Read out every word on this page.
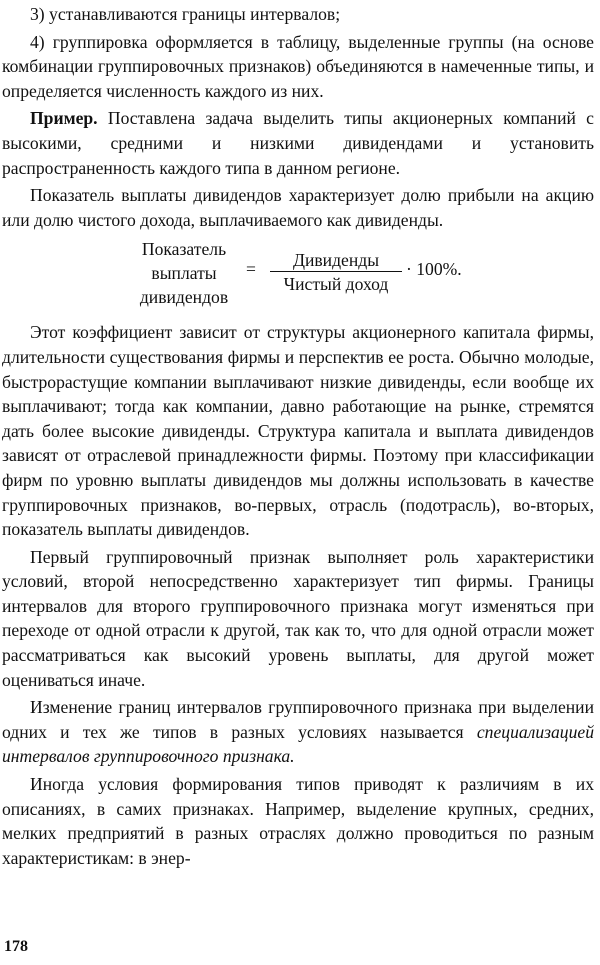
3) устанавливаются границы интервалов;

4) группировка оформляется в таблицу, выделенные группы (на основе комбинации группировочных признаков) объединяются в намеченные типы, и определяется численность каждого из них.

Пример. Поставлена задача выделить типы акционерных компаний с высокими, средними и низкими дивидендами и установить распространенность каждого типа в данном регионе.

Показатель выплаты дивидендов характеризует долю прибыли на акцию или долю чистого дохода, выплачиваемого как дивиденды.

Показатель
выплаты
дивидендов
=	Дивиденды
Чистый доход
· 100%.

Этот коэффициент зависит от структуры акционерного капитала фирмы, длительности существования фирмы и перспектив ее роста. Обычно молодые, быстрорастущие компании выплачивают низкие дивиденды, если вообще их выплачивают; тогда как компании, давно работающие на рынке, стремятся дать более высокие дивиденды. Структура капитала и выплата дивидендов зависят от отраслевой принадлежности фирмы. Поэтому при классификации фирм по уровню выплаты дивидендов мы должны использовать в качестве группировочных признаков, во-первых, отрасль (подотрасль), во-вторых, показатель выплаты дивидендов.

Первый группировочный признак выполняет роль характеристики условий, второй непосредственно характеризует тип фирмы. Границы интервалов для второго группировочного признака могут изменяться при переходе от одной отрасли к другой, так как то, что для одной отрасли может рассматриваться как высокий уровень выплаты, для другой может оцениваться иначе.

Изменение границ интервалов группировочного признака при выделении одних и тех же типов в разных условиях называется специализацией интервалов группировочного признака.

Иногда условия формирования типов приводят к различиям в их описаниях, в самих признаках. Например, выделение крупных, средних, мелких предприятий в разных отраслях должно проводиться по разным характеристикам: в энер-

178
